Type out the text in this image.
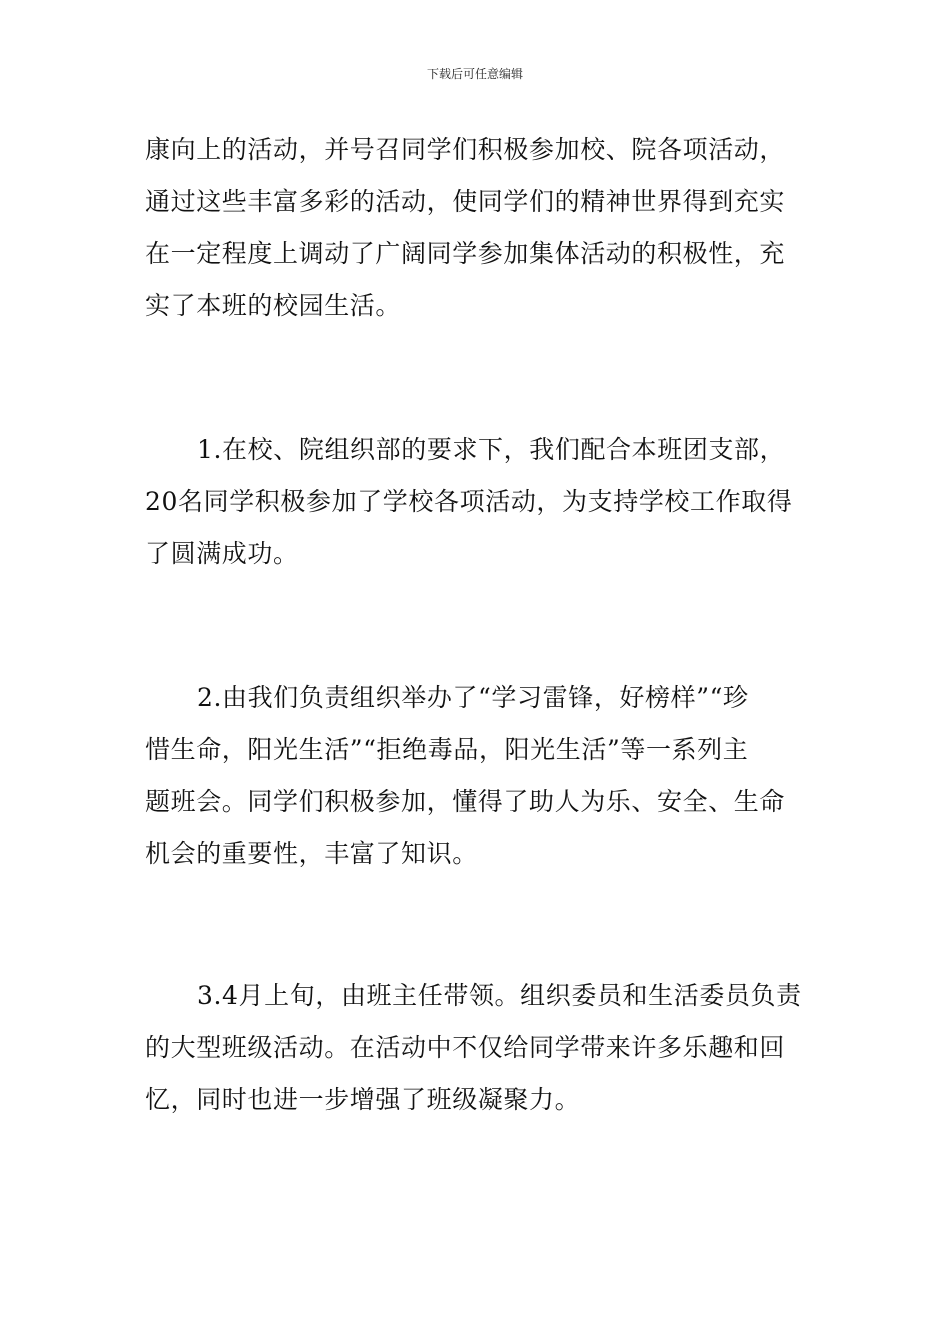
下载后可任意编辑
康向上的活动，并号召同学们积极参加校、院各项活动，
通过这些丰富多彩的活动，使同学们的精神世界得到充实
在一定程度上调动了广阔同学参加集体活动的积极性，充
实了本班的校园生活。
1.在校、院组织部的要求下，我们配合本班团支部，
20名同学积极参加了学校各项活动，为支持学校工作取得
了圆满成功。
2.由我们负责组织举办了“学习雷锋，好榜样”“珍
惜生命，阳光生活”“拒绝毒品，阳光生活”等一系列主
题班会。同学们积极参加，懂得了助人为乐、安全、生命
机会的重要性，丰富了知识。
3.4月上旬，由班主任带领。组织委员和生活委员负责
的大型班级活动。在活动中不仅给同学带来许多乐趣和回
忆，同时也进一步增强了班级凝聚力。
